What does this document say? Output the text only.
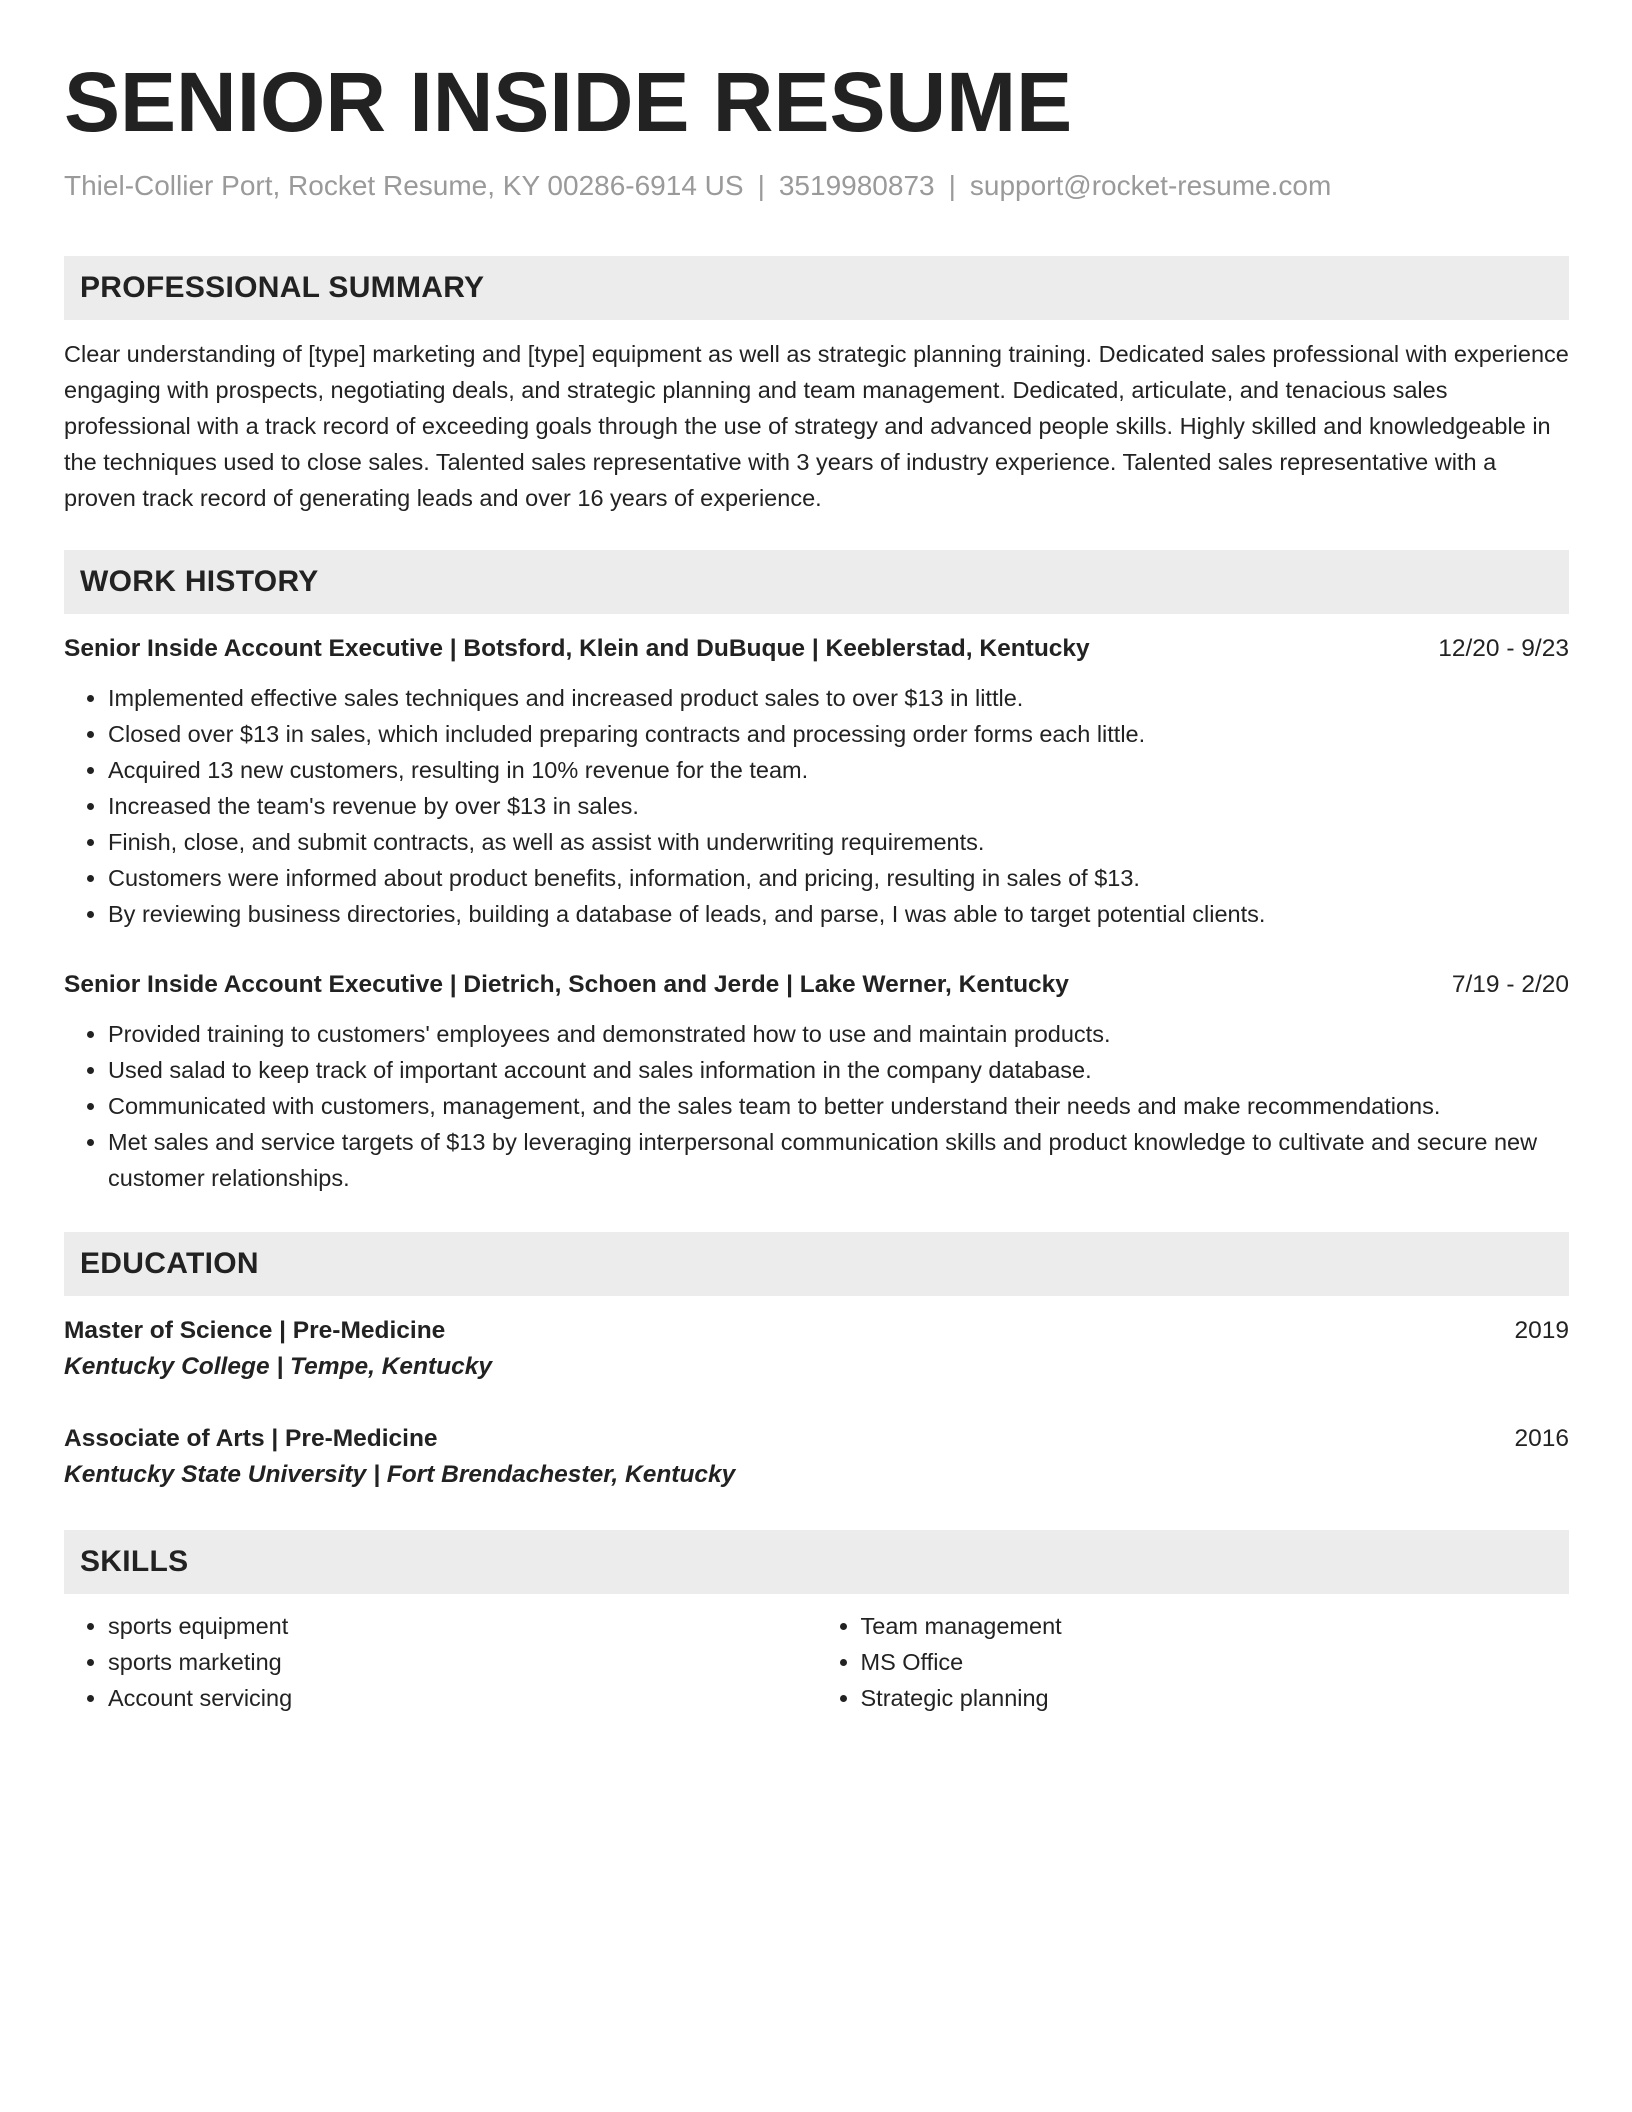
SENIOR INSIDE RESUME
Thiel-Collier Port, Rocket Resume, KY 00286-6914 US | 3519980873 | support@rocket-resume.com
PROFESSIONAL SUMMARY
Clear understanding of [type] marketing and [type] equipment as well as strategic planning training. Dedicated sales professional with experience engaging with prospects, negotiating deals, and strategic planning and team management. Dedicated, articulate, and tenacious sales professional with a track record of exceeding goals through the use of strategy and advanced people skills. Highly skilled and knowledgeable in the techniques used to close sales. Talented sales representative with 3 years of industry experience. Talented sales representative with a proven track record of generating leads and over 16 years of experience.
WORK HISTORY
Senior Inside Account Executive | Botsford, Klein and DuBuque | Keeblerstad, Kentucky	12/20 - 9/23
• Implemented effective sales techniques and increased product sales to over $13 in little.
• Closed over $13 in sales, which included preparing contracts and processing order forms each little.
• Acquired 13 new customers, resulting in 10% revenue for the team.
• Increased the team's revenue by over $13 in sales.
• Finish, close, and submit contracts, as well as assist with underwriting requirements.
• Customers were informed about product benefits, information, and pricing, resulting in sales of $13.
• By reviewing business directories, building a database of leads, and parse, I was able to target potential clients.
Senior Inside Account Executive | Dietrich, Schoen and Jerde | Lake Werner, Kentucky	7/19 - 2/20
• Provided training to customers' employees and demonstrated how to use and maintain products.
• Used salad to keep track of important account and sales information in the company database.
• Communicated with customers, management, and the sales team to better understand their needs and make recommendations.
• Met sales and service targets of $13 by leveraging interpersonal communication skills and product knowledge to cultivate and secure new customer relationships.
EDUCATION
Master of Science | Pre-Medicine	2019
Kentucky College | Tempe, Kentucky
Associate of Arts | Pre-Medicine	2016
Kentucky State University | Fort Brendachester, Kentucky
SKILLS
• sports equipment
• sports marketing
• Account servicing
• Team management
• MS Office
• Strategic planning
